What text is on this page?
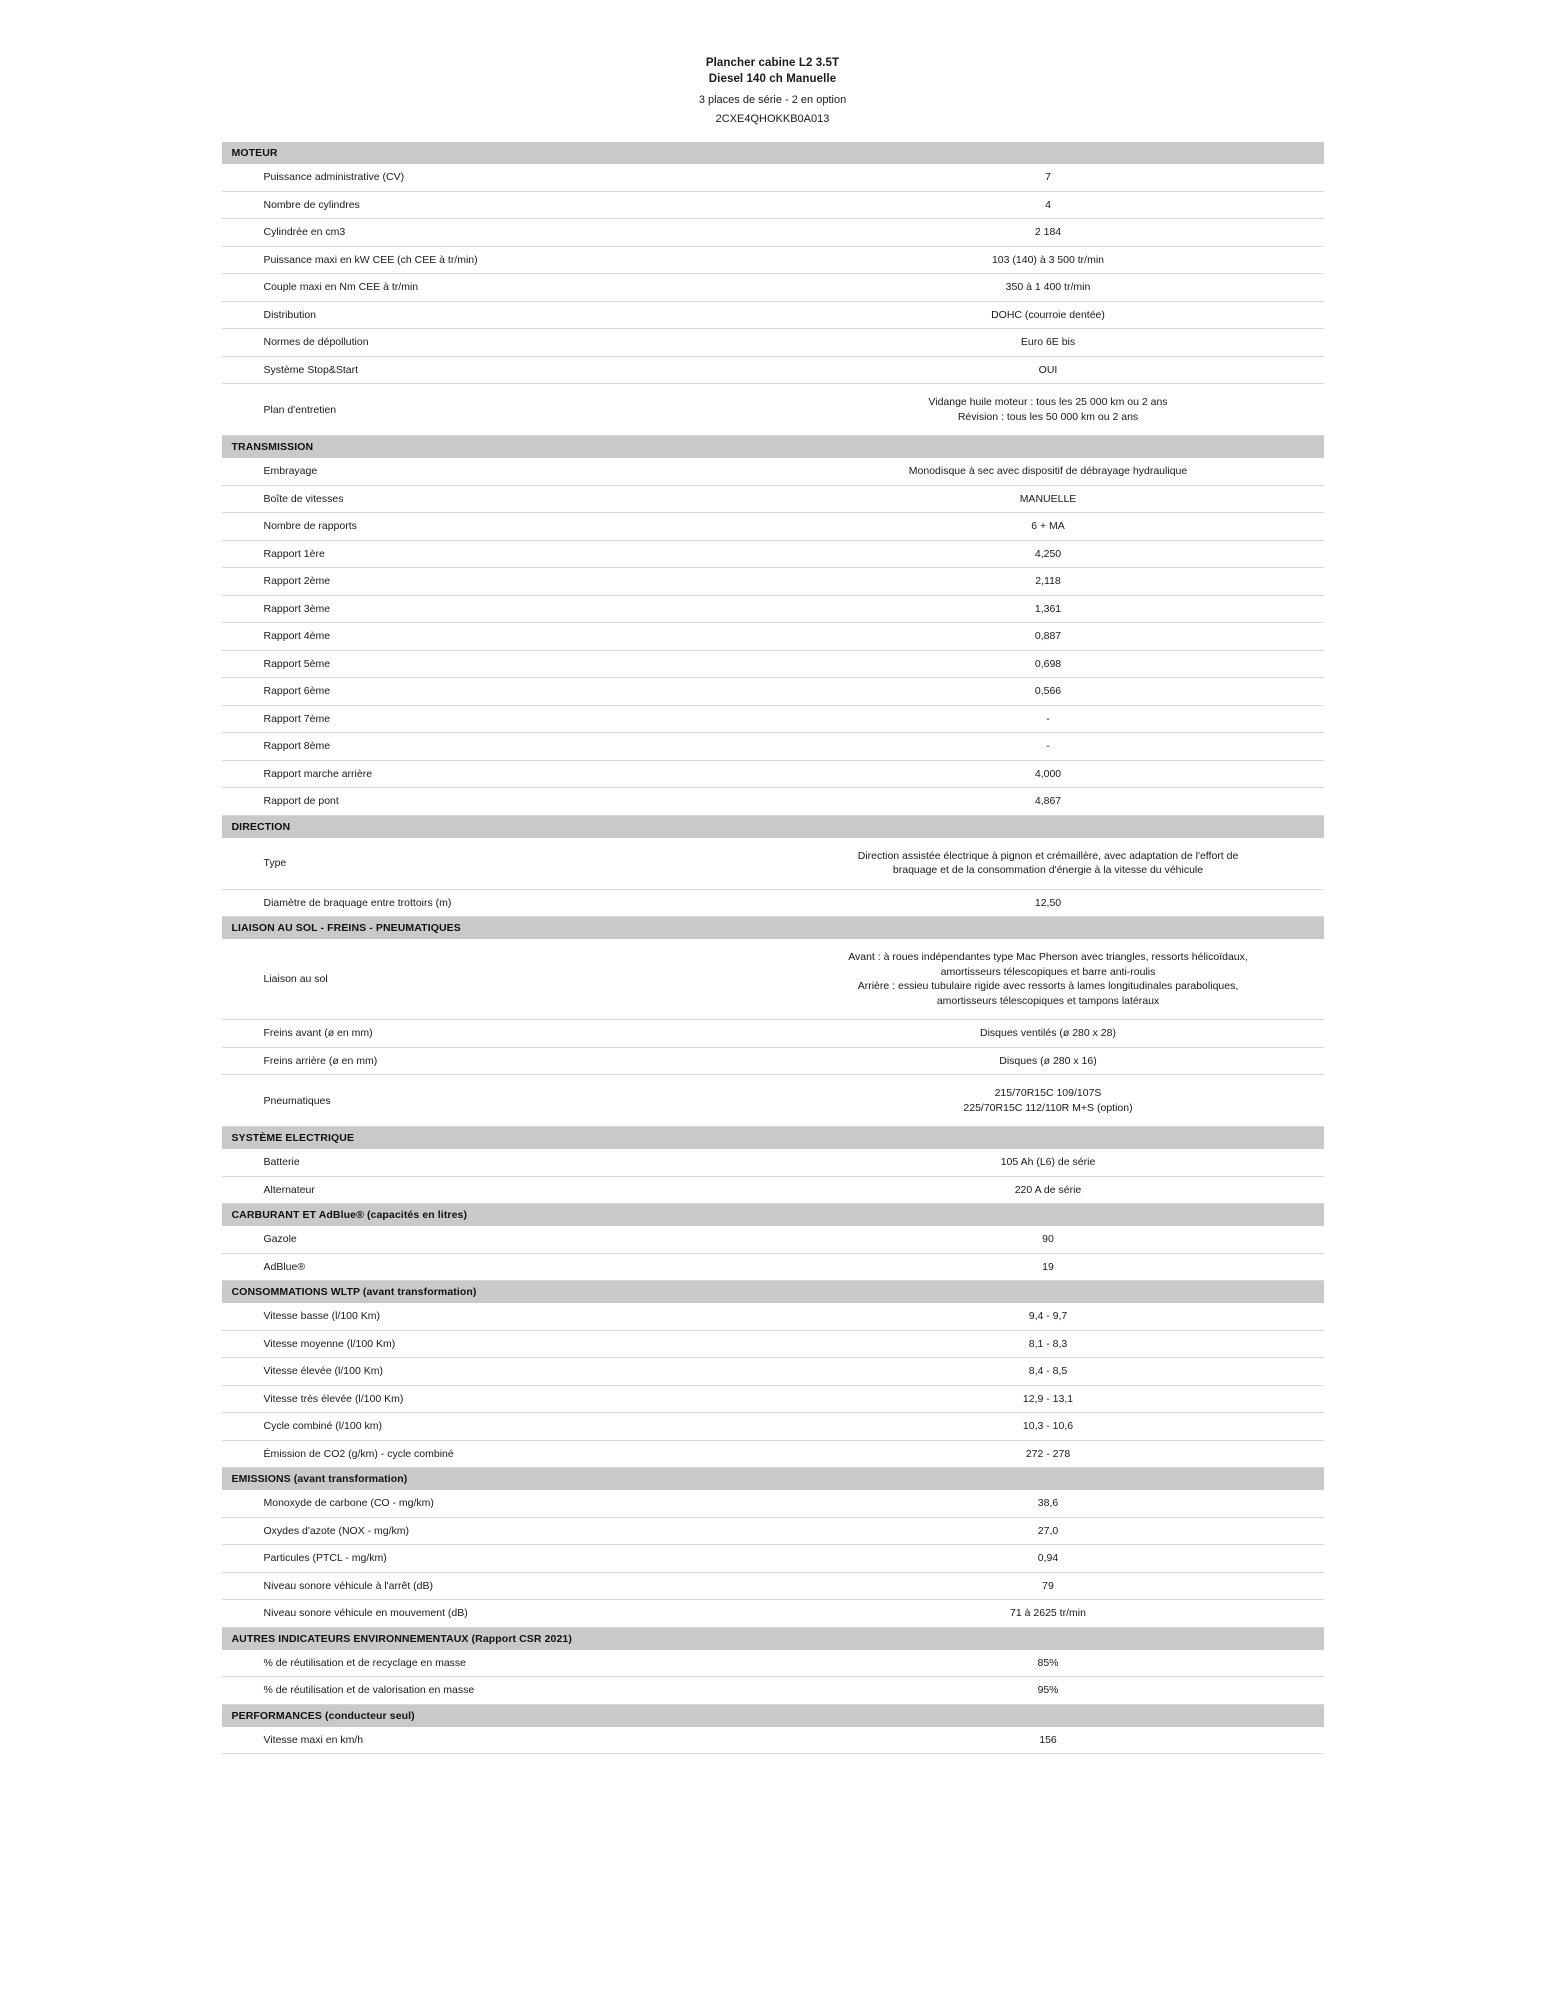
Plancher cabine L2 3.5T
Diesel 140 ch Manuelle
3 places de série - 2 en option
2CXE4QHOKKB0A013
MOTEUR	
Puissance administrative (CV)	7

Nombre de cylindres	4

Cylindrée en cm3	2 184

Puissance maxi en kW CEE (ch CEE à tr/min)	103 (140) à 3 500 tr/min

Couple maxi en Nm CEE à tr/min	350 à 1 400 tr/min

Distribution	DOHC (courroie dentée)

Normes de dépollution	Euro 6E bis

Système Stop&Start	OUI

Plan d'entretien	Vidange huile moteur : tous les 25 000 km ou 2 ans
Révision : tous les 50 000 km ou 2 ans

TRANSMISSION	
Embrayage	Monodisque à sec avec dispositif de débrayage hydraulique

Boîte de vitesses	MANUELLE

Nombre de rapports	6 + MA

Rapport 1ère	4,250

Rapport 2ème	2,118

Rapport 3ème	1,361

Rapport 4ème	0,887

Rapport 5ème	0,698

Rapport 6ème	0,566

Rapport 7ème	-

Rapport 8ème	-

Rapport marche arrière	4,000

Rapport de pont	4,867

DIRECTION	
Type	Direction assistée électrique à pignon et crémaillère, avec adaptation de l'effort de
braquage et de la consommation d'énergie à la vitesse du véhicule

Diamètre de braquage entre trottoirs (m)	12,50

LIAISON AU SOL - FREINS - PNEUMATIQUES	
Liaison au sol	Avant : à roues indépendantes type Mac Pherson avec triangles, ressorts hélicoïdaux,
amortisseurs télescopiques et barre anti-roulis
Arrière : essieu tubulaire rigide avec ressorts à lames longitudinales paraboliques,
amortisseurs télescopiques et tampons latéraux

Freins avant (ø en mm)	Disques ventilés (ø 280 x 28)

Freins arrière (ø en mm)	Disques (ø 280 x 16)

Pneumatiques	215/70R15C 109/107S
225/70R15C 112/110R M+S (option)

SYSTÈME ELECTRIQUE	
Batterie	105 Ah (L6) de série

Alternateur	220 A de série

CARBURANT ET AdBlue® (capacités en litres)	
Gazole	90

AdBlue®	19

CONSOMMATIONS WLTP (avant transformation)	
Vitesse basse (l/100 Km)	9,4 - 9,7

Vitesse moyenne (l/100 Km)	8,1 - 8,3

Vitesse élevée (l/100 Km)	8,4 - 8,5

Vitesse très élevée (l/100 Km)	12,9 - 13,1

Cycle combiné (l/100 km)	10,3 - 10,6

Émission de CO2 (g/km) - cycle combiné	272 - 278

EMISSIONS (avant transformation)	
Monoxyde de carbone (CO - mg/km)	38,6

Oxydes d'azote (NOX - mg/km)	27,0

Particules (PTCL - mg/km)	0,94

Niveau sonore véhicule à l'arrêt (dB)	79

Niveau sonore véhicule en mouvement (dB)	71 à 2625 tr/min

AUTRES INDICATEURS ENVIRONNEMENTAUX (Rapport CSR 2021)	
% de réutilisation et de recyclage en masse	85%

% de réutilisation et de valorisation en masse	95%

PERFORMANCES (conducteur seul)	
Vitesse maxi en km/h	156
